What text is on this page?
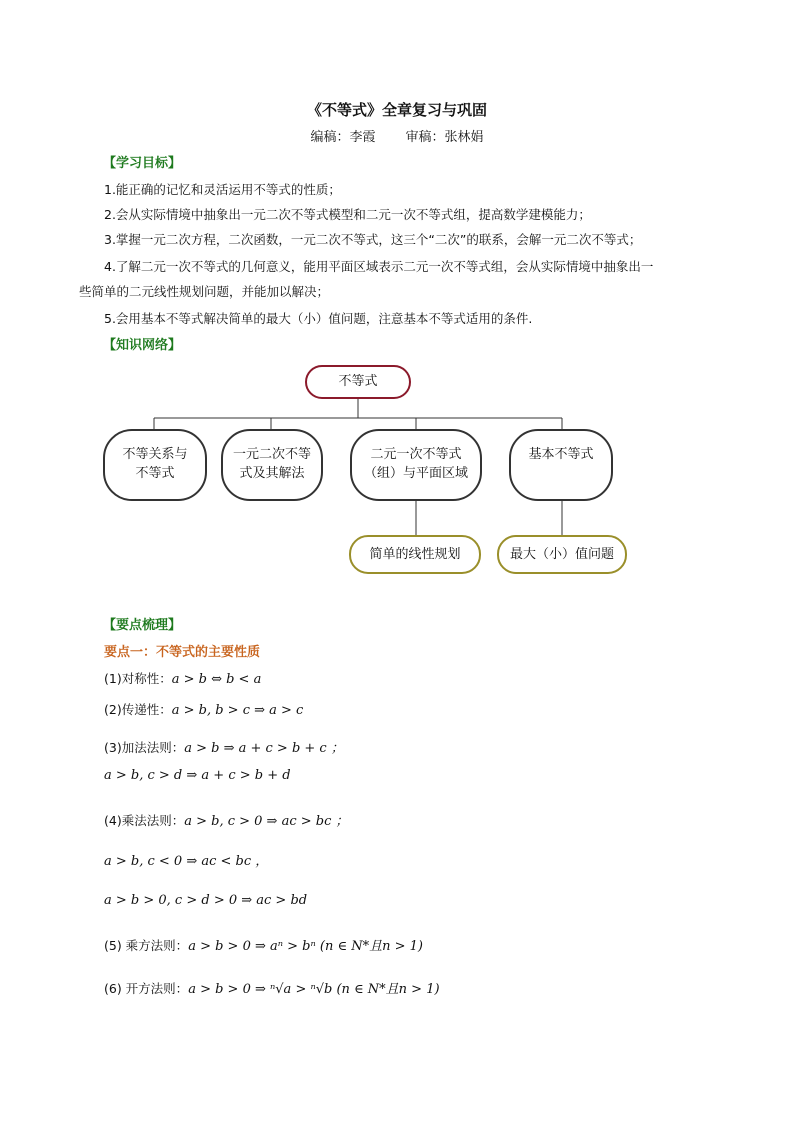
《不等式》全章复习与巩固
编稿：李霞 审稿：张林娟
【学习目标】
1.能正确的记忆和灵活运用不等式的性质；
2.会从实际情境中抽象出一元二次不等式模型和二元一次不等式组，提高数学建模能力；
3.掌握一元二次方程，二次函数，一元二次不等式，这三个“二次”的联系，会解一元二次不等式；
4.了解二元一次不等式的几何意义，能用平面区域表示二元一次不等式组，会从实际情境中抽象出一
些简单的二元线性规划问题，并能加以解决；
5.会用基本不等式解决简单的最大（小）值问题，注意基本不等式适用的条件.
【知识网络】
不等式
不等关系与
不等式
一元二次不等
式及其解法
二元一次不等式
（组）与平面区域
基本不等式
简单的线性规划	最大（小）值问题
【要点梳理】
要点一：不等式的主要性质
(1)对称性：a > b ⇔ b < a
(2)传递性：a > b, b > c ⇒ a > c
(3)加法法则：a > b ⇒ a + c > b + c ；
a > b, c > d ⇒ a + c > b + d
(4)乘法法则：a > b, c > 0 ⇒ ac > bc ；
a > b, c < 0 ⇒ ac < bc ，
a > b > 0, c > d > 0 ⇒ ac > bd
(5) 乘方法则：a > b > 0 ⇒ aⁿ > bⁿ (n ∈ N*且n > 1)
(6) 开方法则：a > b > 0 ⇒ ⁿ√a > ⁿ√b (n ∈ N*且n > 1)
